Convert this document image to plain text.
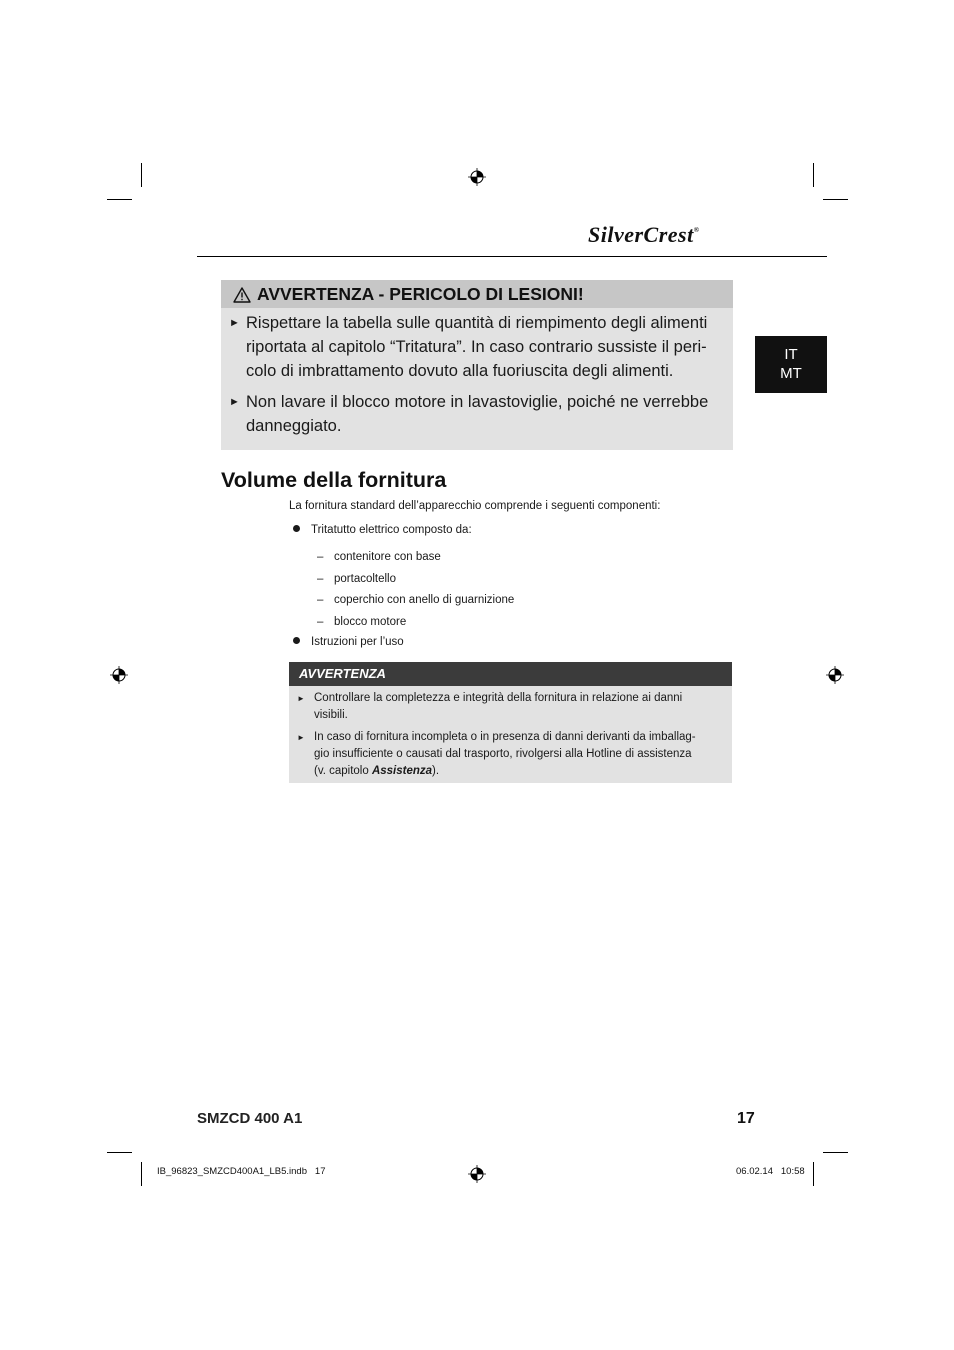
SilverCrest®
IT
MT
AVVERTENZA - PERICOLO DI LESIONI!
► Rispettare la tabella sulle quantità di riempimento degli alimenti
riportata al capitolo “Tritatura”. In caso contrario sussiste il peri-
colo di imbrattamento dovuto alla fuoriuscita degli alimenti.
► Non lavare il blocco motore in lavastoviglie, poiché ne verrebbe
danneggiato.
Volume della fornitura
La fornitura standard dell’apparecchio comprende i seguenti componenti:
Tritatutto elettrico composto da:
– contenitore con base
– portacoltello
– coperchio con anello di guarnizione
– blocco motore
Istruzioni per l’uso
AVVERTENZA
► Controllare la completezza e integrità della fornitura in relazione ai danni
visibili.
► In caso di fornitura incompleta o in presenza di danni derivanti da imballag-
gio insufficiente o causati dal trasporto, rivolgersi alla Hotline di assistenza
(v. capitolo Assistenza).
SMZCD 400 A1	17
IB_96823_SMZCD400A1_LB5.indb   17	06.02.14   10:58
